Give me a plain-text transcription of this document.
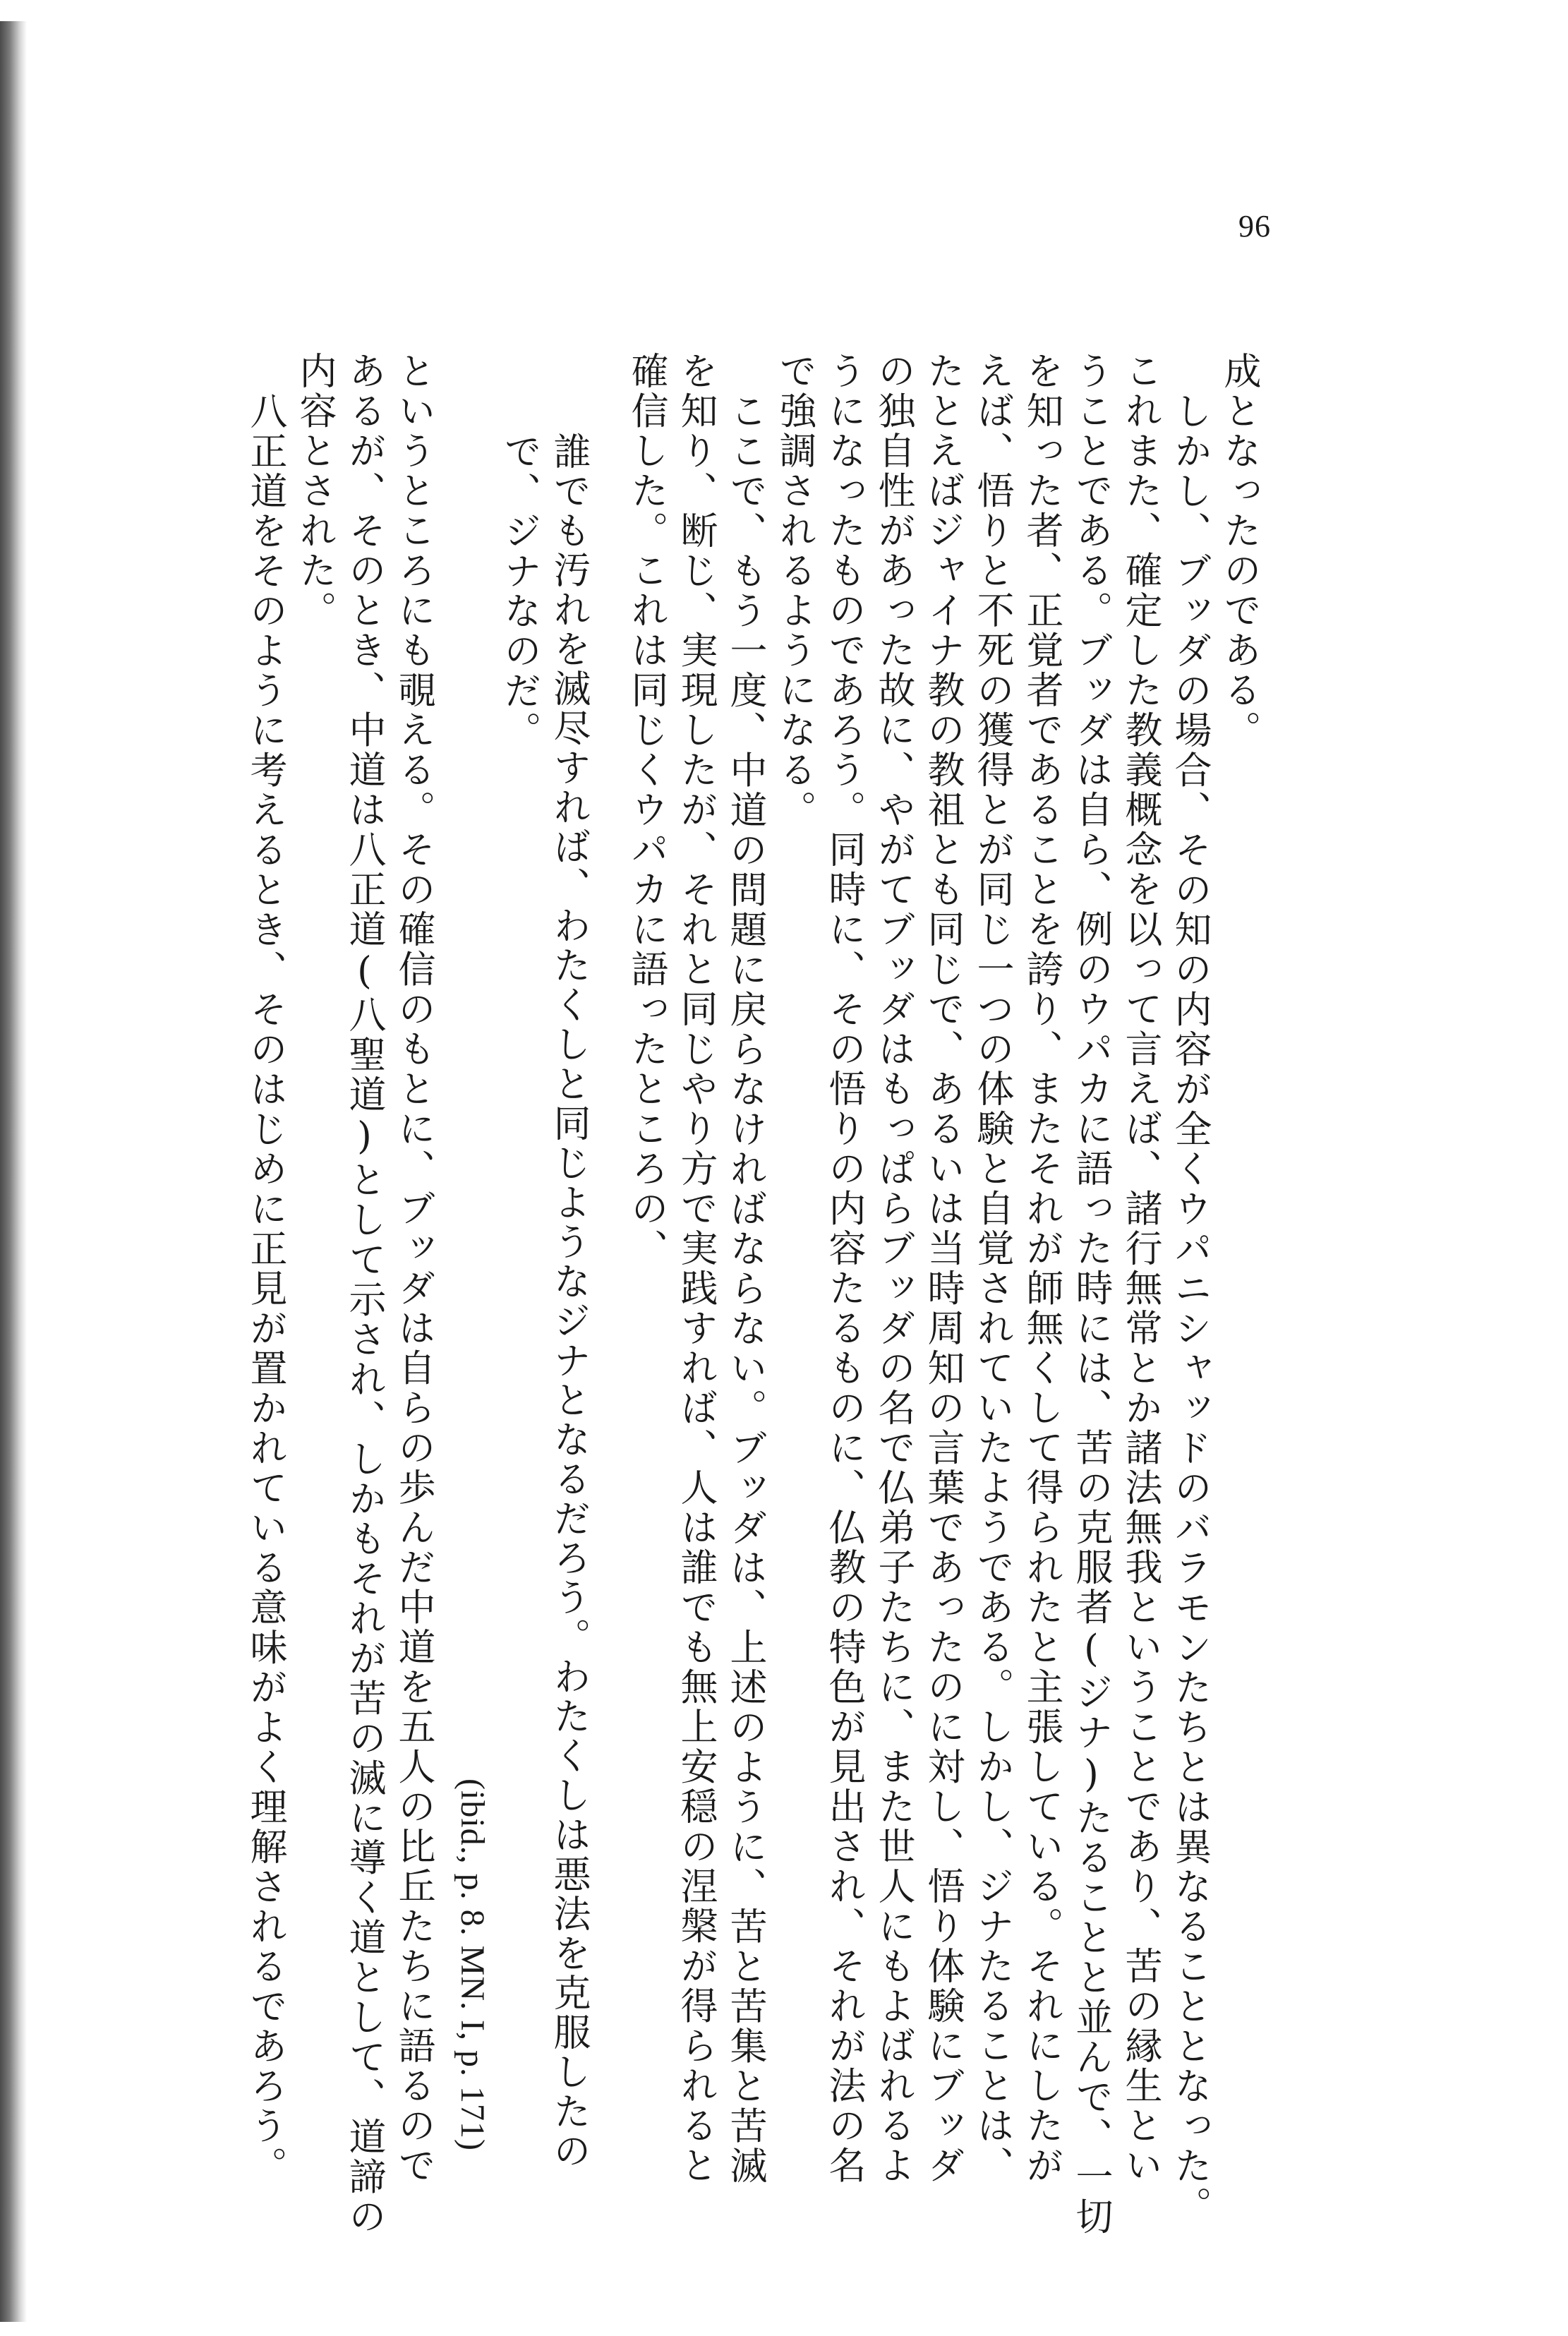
96
成となったのである。
しかし、ブッダの場合、その知の内容が全くウパニシャッドのバラモンたちとは異なることとなった。
これまた、確定した教義概念を以って言えば、諸行無常とか諸法無我ということであり、苦の縁生とい
うことである。ブッダは自ら、例のウパカに語った時には、苦の克服者(ジナ)たることと並んで、一切
を知った者、正覚者であることを誇り、またそれが師無くして得られたと主張している。それにしたが
えば、悟りと不死の獲得とが同じ一つの体験と自覚されていたようである。しかし、ジナたることは、
たとえばジャイナ教の教祖とも同じで、あるいは当時周知の言葉であったのに対し、悟り体験にブッダ
の独自性があった故に、やがてブッダはもっぱらブッダの名で仏弟子たちに、また世人にもよばれるよ
うになったものであろう。同時に、その悟りの内容たるものに、仏教の特色が見出され、それが法の名
で強調されるようになる。
ここで、もう一度、中道の問題に戻らなければならない。ブッダは、上述のように、苦と苦集と苦滅
を知り、断じ、実現したが、それと同じやり方で実践すれば、人は誰でも無上安穏の涅槃が得られると
確信した。これは同じくウパカに語ったところの、
誰でも汚れを滅尽すれば、わたくしと同じようなジナとなるだろう。わたくしは悪法を克服したの
で、ジナなのだ。
(ibid., p. 8. MN. I, p. 171)
というところにも覗える。その確信のもとに、ブッダは自らの歩んだ中道を五人の比丘たちに語るので
あるが、そのとき、中道は八正道(八聖道)として示され、しかもそれが苦の滅に導く道として、道諦の
内容とされた。
八正道をそのように考えるとき、そのはじめに正見が置かれている意味がよく理解されるであろう。
